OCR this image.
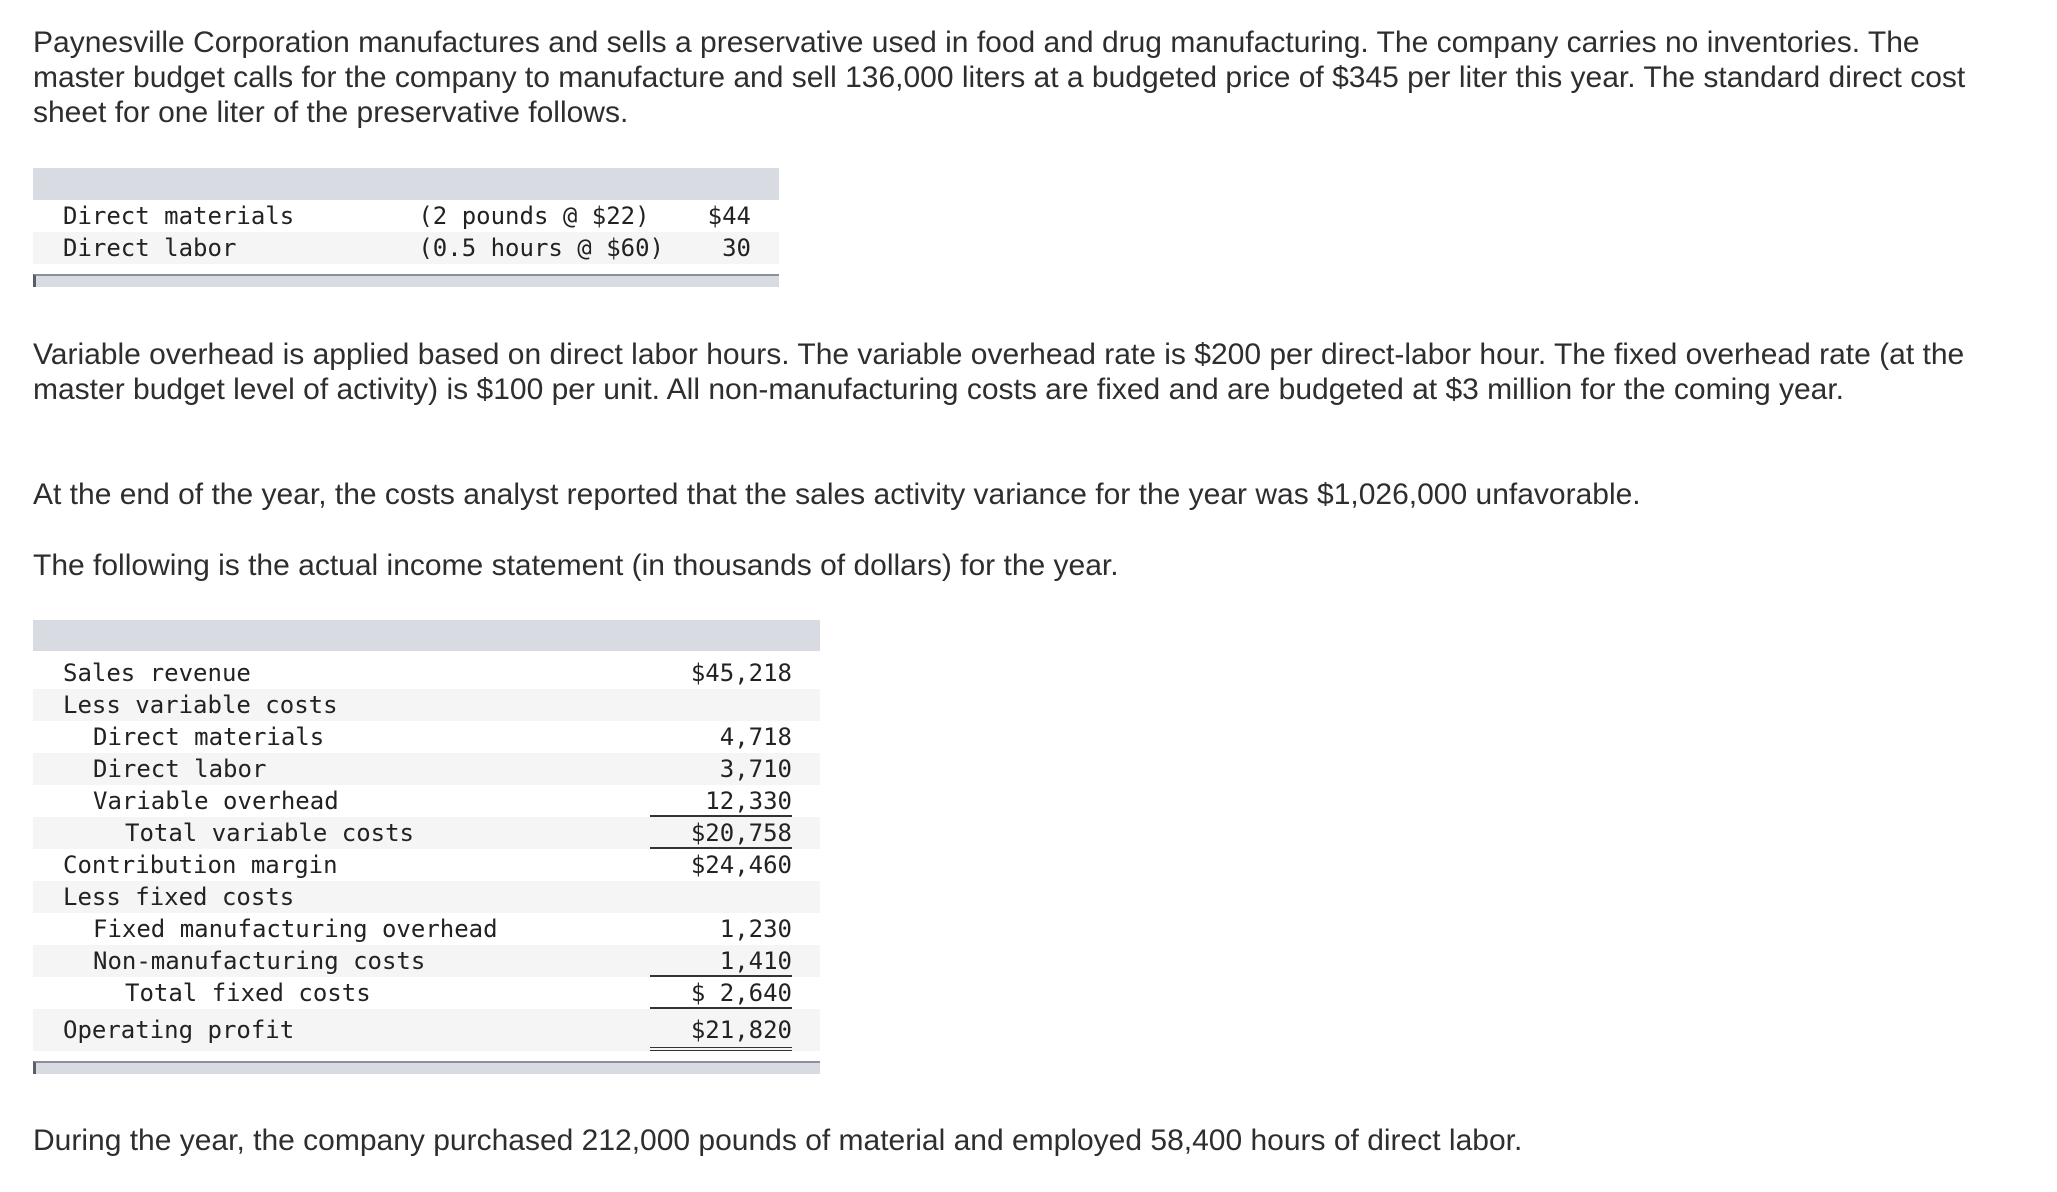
Paynesville Corporation manufactures and sells a preservative used in food and drug manufacturing. The company carries no inventories. The master budget calls for the company to manufacture and sell 136,000 liters at a budgeted price of $345 per liter this year. The standard direct cost sheet for one liter of the preservative follows.

Direct materials	(2 pounds @ $22) $44
Direct labor	(0.5 hours @ $60) 30

Variable overhead is applied based on direct labor hours. The variable overhead rate is $200 per direct-labor hour. The fixed overhead rate (at the master budget level of activity) is $100 per unit. All non-manufacturing costs are fixed and are budgeted at $3 million for the coming year.

At the end of the year, the costs analyst reported that the sales activity variance for the year was $1,026,000 unfavorable.

The following is the actual income statement (in thousands of dollars) for the year.

Sales revenue	$45,218
Less variable costs
Direct materials	4,718
Direct labor	3,710
Variable overhead	12,330
Total variable costs	$20,758
Contribution margin	$24,460
Less fixed costs
Fixed manufacturing overhead	1,230
Non-manufacturing costs	1,410
Total fixed costs	$ 2,640
Operating profit	$21,820

During the year, the company purchased 212,000 pounds of material and employed 58,400 hours of direct labor.
